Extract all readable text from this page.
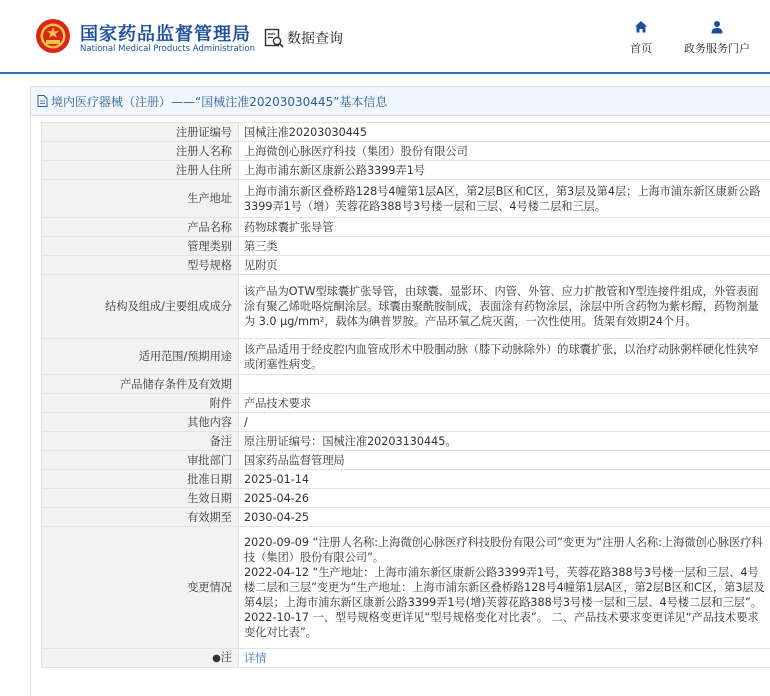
国家药品监督管理局
National Medical Products Administration
数据查询
首页	政务服务门户
境内医疗器械（注册）——“国械注准20203030445”基本信息
注册证编号	国械注准20203030445
注册人名称	上海微创心脉医疗科技（集团）股份有限公司
注册人住所	上海市浦东新区康新公路3399弄1号
生产地址	上海市浦东新区叠桥路128号4幢第1层A区，第2层B区和C区，第3层及第4层；上海市浦东新区康新公路3399弄1号（增）芙蓉花路388号3号楼一层和三层、4号楼二层和三层。
产品名称	药物球囊扩张导管
管理类别	第三类
型号规格	见附页
结构及组成/主要组成成分	该产品为OTW型球囊扩张导管，由球囊、显影环、内管、外管、应力扩散管和Y型连接件组成，外管表面涂有聚乙烯吡咯烷酮涂层。球囊由聚酰胺制成，表面涂有药物涂层，涂层中所含药物为紫杉醇，药物剂量为 3.0 μg/mm²，载体为碘普罗胺。产品环氧乙烷灭菌，一次性使用。货架有效期24个月。
适用范围/预期用途	该产品适用于经皮腔内血管成形术中股腘动脉（膝下动脉除外）的球囊扩张，以治疗动脉粥样硬化性狭窄或闭塞性病变。
产品储存条件及有效期	
附件	产品技术要求
其他内容	/
备注	原注册证编号：国械注准20203130445。
审批部门	国家药品监督管理局
批准日期	2025-01-14
生效日期	2025-04-26
有效期至	2030-04-25
变更情况	2020-09-09 “注册人名称:上海微创心脉医疗科技股份有限公司”变更为“注册人名称:上海微创心脉医疗科技（集团）股份有限公司”。
2022-04-12 “生产地址：上海市浦东新区康新公路3399弄1号，芙蓉花路388号3号楼一层和三层、4号楼二层和三层”变更为“生产地址：上海市浦东新区叠桥路128号4幢第1层A区，第2层B区和C区，第3层及第4层；上海市浦东新区康新公路3399弄1号(增)芙蓉花路388号3号楼一层和三层、4号楼二层和三层”。
2022-10-17 一、型号规格变更详见“型号规格变化对比表”。 二、产品技术要求变更详见“产品技术要求变化对比表”。
●注	详情
